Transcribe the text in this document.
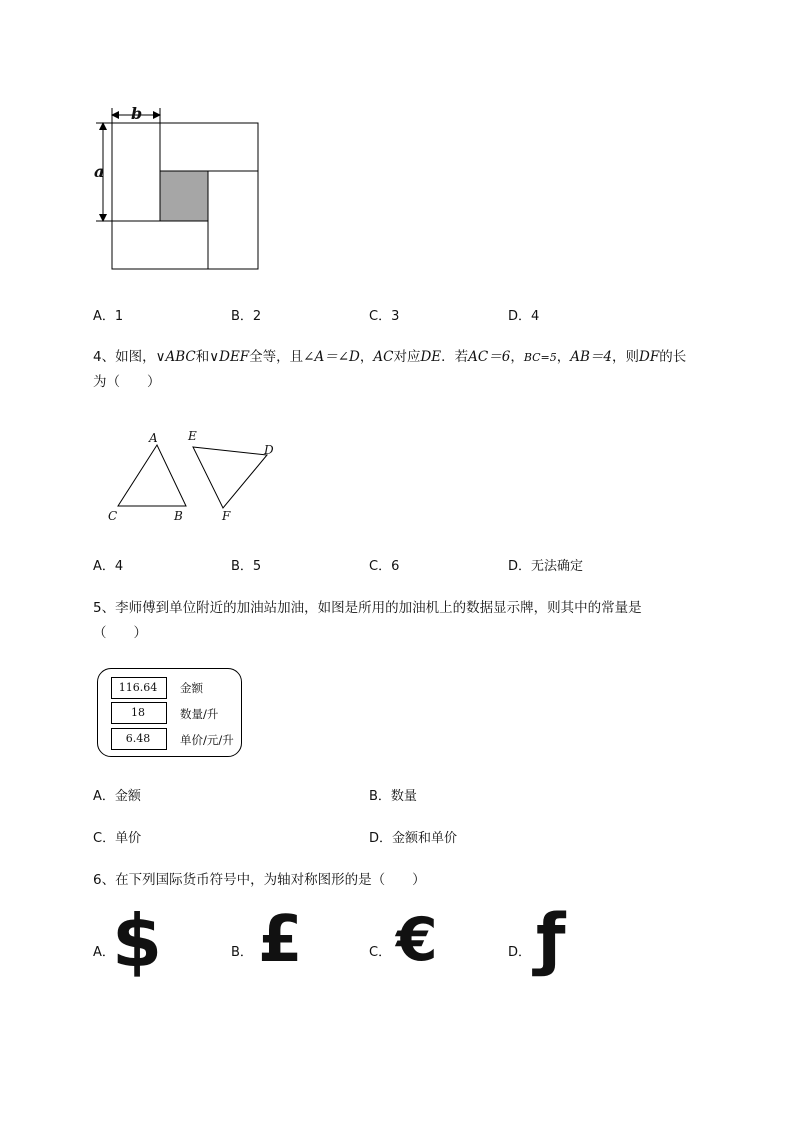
b
a
A．1	B．2	C．3	D．4
4、如图，∨ABC和∨DEF全等，且∠A＝∠D，AC对应DE．若AC＝6，BC=5，AB＝4，则DF的长
为（　　）
A
C	B
E
D
F
A．4	B．5	C．6	D．无法确定
5、李师傅到单位附近的加油站加油，如图是所用的加油机上的数据显示牌，则其中的常量是
（　　）
116.64	金额
18	数量/升
6.48	单价/元/升
A．金额	B．数量
C．单价	D．金额和单价
6、在下列国际货币符号中，为轴对称图形的是（　　）
A．
$	B． £	C． €	D． ƒ
